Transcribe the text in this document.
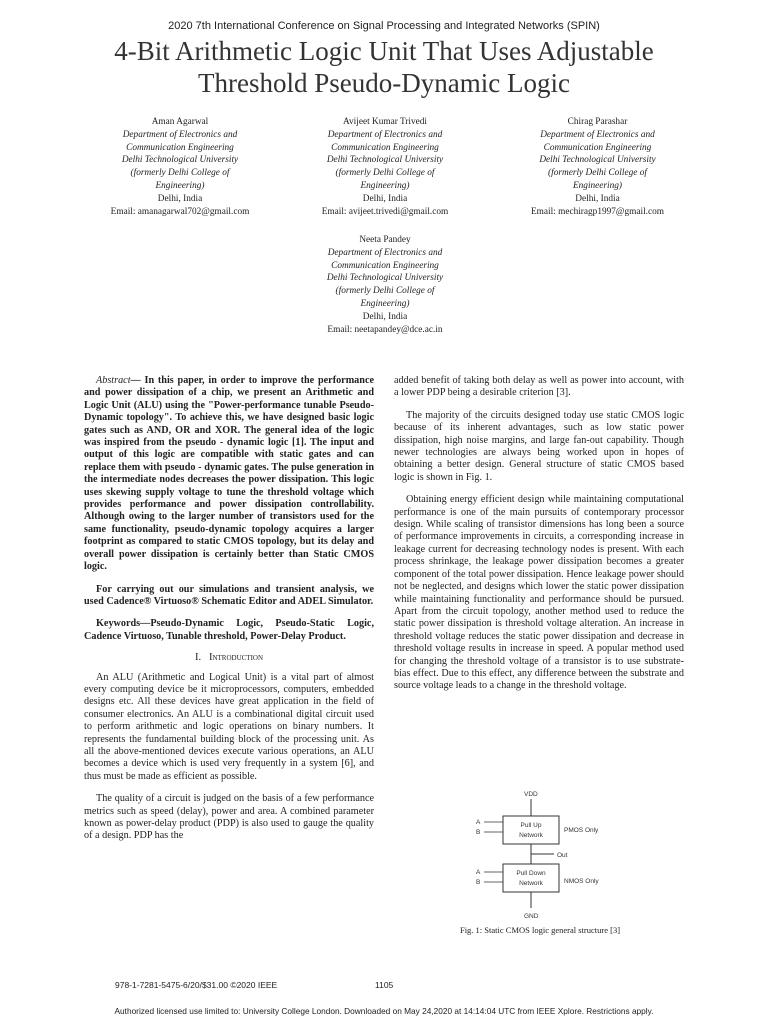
2020 7th International Conference on Signal Processing and Integrated Networks (SPIN)
4-Bit Arithmetic Logic Unit That Uses Adjustable
Threshold Pseudo-Dynamic Logic
Aman Agarwal
Department of Electronics and
Communication Engineering
Delhi Technological University
(formerly Delhi College of
Engineering)
Delhi, India
Email: amanagarwal702@gmail.com
Avijeet Kumar Trivedi
Department of Electronics and
Communication Engineering
Delhi Technological University
(formerly Delhi College of
Engineering)
Delhi, India
Email: avijeet.trivedi@gmail.com
Chirag Parashar
Department of Electronics and
Communication Engineering
Delhi Technological University
(formerly Delhi College of
Engineering)
Delhi, India
Email: mechiragp1997@gmail.com
Neeta Pandey
Department of Electronics and
Communication Engineering
Delhi Technological University
(formerly Delhi College of
Engineering)
Delhi, India
Email: neetapandey@dce.ac.in

Abstract— In this paper, in order to improve the performance and power dissipation of a chip, we present an Arithmetic and Logic Unit (ALU) using the "Power-performance tunable Pseudo-Dynamic topology". To achieve this, we have designed basic logic gates such as AND, OR and XOR. The general idea of the logic was inspired from the pseudo - dynamic logic [1]. The input and output of this logic are compatible with static gates and can replace them with pseudo - dynamic gates. The pulse generation in the intermediate nodes decreases the power dissipation. This logic uses skewing supply voltage to tune the threshold voltage which provides performance and power dissipation controllability. Although owing to the larger number of transistors used for the same functionality, pseudo-dynamic topology acquires a larger footprint as compared to static CMOS topology, but its delay and overall power dissipation is certainly better than Static CMOS logic.

For carrying out our simulations and transient analysis, we used Cadence® Virtuoso® Schematic Editor and ADEL Simulator.

Keywords—Pseudo-Dynamic Logic, Pseudo-Static Logic, Cadence Virtuoso, Tunable threshold, Power-Delay Product.

I. Introduction

An ALU (Arithmetic and Logical Unit) is a vital part of almost every computing device be it microprocessors, computers, embedded designs etc. All these devices have great application in the field of consumer electronics. An ALU is a combinational digital circuit used to perform arithmetic and logic operations on binary numbers. It represents the fundamental building block of the processing unit. As all the above-mentioned devices execute various operations, an ALU becomes a device which is used very frequently in a system [6], and thus must be made as efficient as possible.

The quality of a circuit is judged on the basis of a few performance metrics such as speed (delay), power and area. A combined parameter known as power-delay product (PDP) is also used to gauge the quality of a design. PDP has the

added benefit of taking both delay as well as power into account, with a lower PDP being a desirable criterion [3].

The majority of the circuits designed today use static CMOS logic because of its inherent advantages, such as low static power dissipation, high noise margins, and large fan-out capability. Though newer technologies are always being worked upon in hopes of obtaining a better design. General structure of static CMOS based logic is shown in Fig. 1.

Obtaining energy efficient design while maintaining computational performance is one of the main pursuits of contemporary processor design. While scaling of transistor dimensions has long been a source of performance improvements in circuits, a corresponding increase in leakage current for decreasing technology nodes is present. With each process shrinkage, the leakage power dissipation becomes a greater component of the total power dissipation. Hence leakage power should not be neglected, and designs which lower the static power dissipation while maintaining functionality and performance should be pursued. Apart from the circuit topology, another method used to reduce the static power dissipation is threshold voltage alteration. An increase in threshold voltage reduces the static power dissipation and decrease in threshold voltage results in increase in speed. A popular method used for changing the threshold voltage of a transistor is to use substrate-bias effect. Due to this effect, any difference between the substrate and source voltage leads to a change in the threshold voltage.

VDD
Pull Up
Network
PMOS Only
A
B
Out
Pull Down
Network	NMOS Only
A
B
GND
Fig. 1: Static CMOS logic general structure [3]
978-1-7281-5475-6/20/$31.00 ©2020 IEEE	1105
Authorized licensed use limited to: University College London. Downloaded on May 24,2020 at 14:14:04 UTC from IEEE Xplore. Restrictions apply.
